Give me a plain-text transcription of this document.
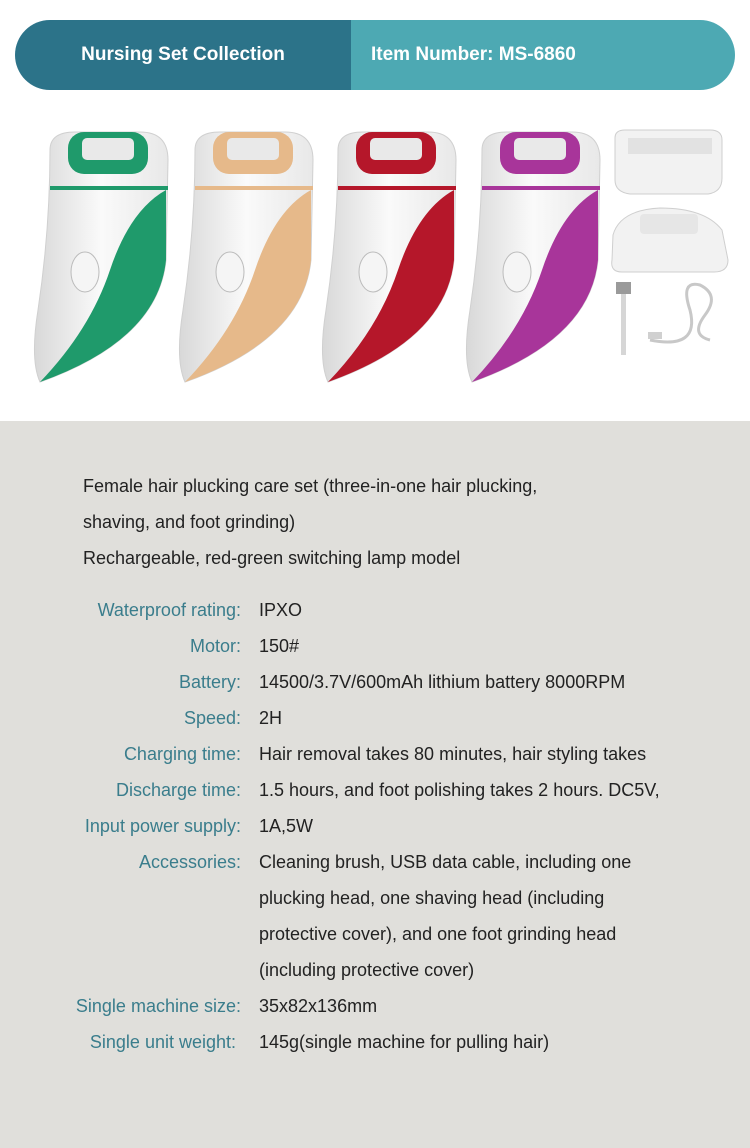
Nursing Set Collection	Item Number: MS-6860
Female hair plucking care set (three-in-one hair plucking,
shaving, and foot grinding)
Rechargeable, red-green switching lamp model
Waterproof rating: IPXO
Motor: 150#
Battery: 14500/3.7V/600mAh lithium battery 8000RPM
Speed: 2H
Charging time: Hair removal takes 80 minutes, hair styling takes
Discharge time: 1.5 hours, and foot polishing takes 2 hours. DC5V,
Input power supply: 1A,5W
Accessories: Cleaning brush, USB data cable, including one
plucking head, one shaving head (including
protective cover), and one foot grinding head
(including protective cover)
Single machine size: 35x82x136mm
Single unit weight: 145g(single machine for pulling hair)
